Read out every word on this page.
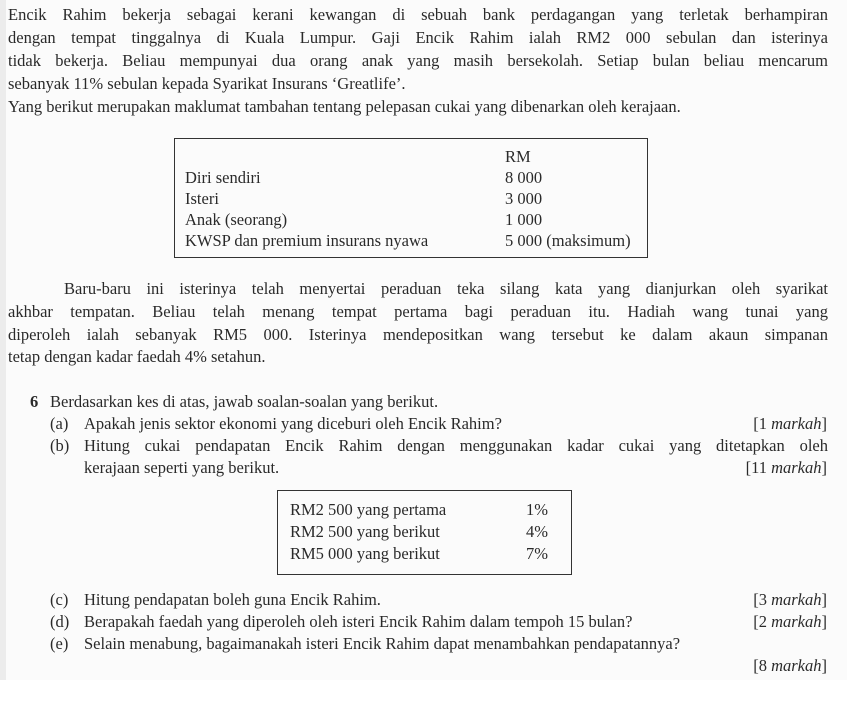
Encik Rahim bekerja sebagai kerani kewangan di sebuah bank perdagangan yang terletak berhampiran
dengan tempat tinggalnya di Kuala Lumpur. Gaji Encik Rahim ialah RM2 000 sebulan dan isterinya
tidak bekerja. Beliau mempunyai dua orang anak yang masih bersekolah. Setiap bulan beliau mencarum
sebanyak 11% sebulan kepada Syarikat Insurans ‘Greatlife’.
Yang berikut merupakan maklumat tambahan tentang pelepasan cukai yang dibenarkan oleh kerajaan.
RM
Diri sendiri	8 000
Isteri	3 000
Anak (seorang)	1 000
KWSP dan premium insurans nyawa	5 000 (maksimum)
Baru-baru ini isterinya telah menyertai peraduan teka silang kata yang dianjurkan oleh syarikat
akhbar tempatan. Beliau telah menang tempat pertama bagi peraduan itu. Hadiah wang tunai yang
diperoleh ialah sebanyak RM5 000. Isterinya mendepositkan wang tersebut ke dalam akaun simpanan
tetap dengan kadar faedah 4% setahun.
6 Berdasarkan kes di atas, jawab soalan-soalan yang berikut.
(a) Apakah jenis sektor ekonomi yang diceburi oleh Encik Rahim?	[1 markah]
(b) Hitung cukai pendapatan Encik Rahim dengan menggunakan kadar cukai yang ditetapkan oleh
kerajaan seperti yang berikut.	[11 markah]
RM2 500 yang pertama	1%
RM2 500 yang berikut	4%
RM5 000 yang berikut	7%
(c) Hitung pendapatan boleh guna Encik Rahim.	[3 markah]
(d) Berapakah faedah yang diperoleh oleh isteri Encik Rahim dalam tempoh 15 bulan?	[2 markah]
(e) Selain menabung, bagaimanakah isteri Encik Rahim dapat menambahkan pendapatannya?
[8 markah]
